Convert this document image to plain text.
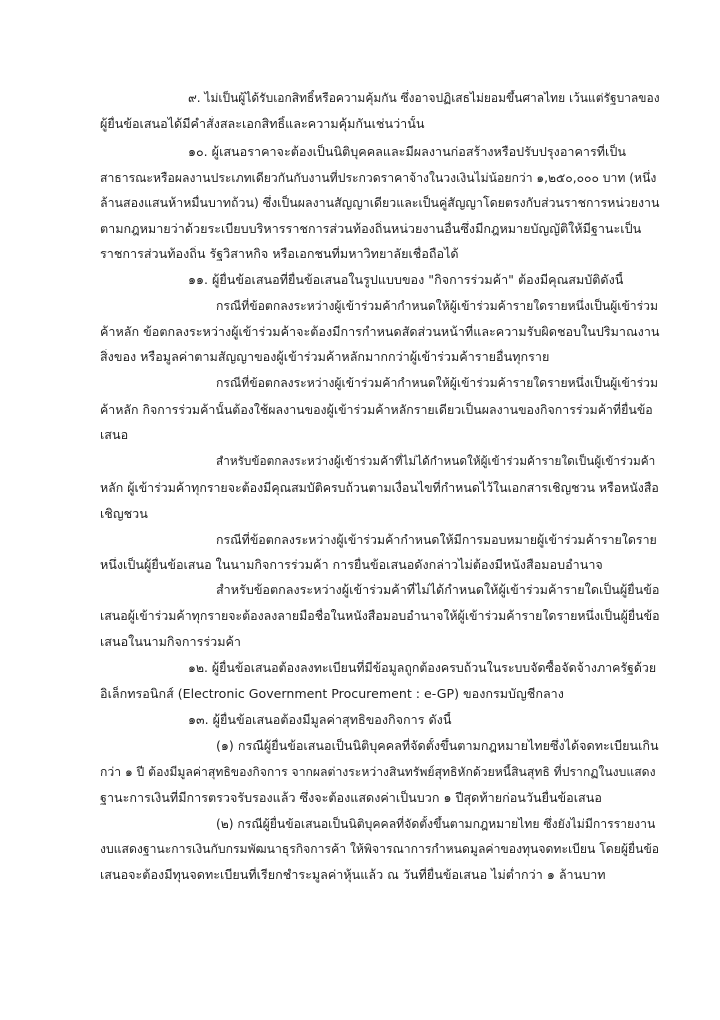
๙. ไม่เป็นผู้ได้รับเอกสิทธิ์หรือความคุ้มกัน ซึ่งอาจปฏิเสธไม่ยอมขึ้นศาลไทย เว้นแต่รัฐบาลของ
ผู้ยื่นข้อเสนอได้มีคำสั่งสละเอกสิทธิ์และความคุ้มกันเช่นว่านั้น
๑๐. ผู้เสนอราคาจะต้องเป็นนิติบุคคลและมีผลงานก่อสร้างหรือปรับปรุงอาคารที่เป็น
สาธารณะหรือผลงานประเภทเดียวกันกับงานที่ประกวดราคาจ้างในวงเงินไม่น้อยกว่า ๑,๒๕๐,๐๐๐ บาท (หนึ่ง
ล้านสองแสนห้าหมื่นบาทถ้วน) ซึ่งเป็นผลงานสัญญาเดียวและเป็นคู่สัญญาโดยตรงกับส่วนราชการหน่วยงาน
ตามกฎหมายว่าด้วยระเบียบบริหารราชการส่วนท้องถิ่นหน่วยงานอื่นซึ่งมีกฎหมายบัญญัติให้มีฐานะเป็น
ราชการส่วนท้องถิ่น รัฐวิสาหกิจ หรือเอกชนที่มหาวิทยาลัยเชื่อถือได้
๑๑. ผู้ยื่นข้อเสนอที่ยื่นข้อเสนอในรูปแบบของ "กิจการร่วมค้า" ต้องมีคุณสมบัติดังนี้
กรณีที่ข้อตกลงระหว่างผู้เข้าร่วมค้ากำหนดให้ผู้เข้าร่วมค้ารายใดรายหนึ่งเป็นผู้เข้าร่วม
ค้าหลัก ข้อตกลงระหว่างผู้เข้าร่วมค้าจะต้องมีการกำหนดสัดส่วนหน้าที่และความรับผิดชอบในปริมาณงาน
สิ่งของ หรือมูลค่าตามสัญญาของผู้เข้าร่วมค้าหลักมากกว่าผู้เข้าร่วมค้ารายอื่นทุกราย
กรณีที่ข้อตกลงระหว่างผู้เข้าร่วมค้ากำหนดให้ผู้เข้าร่วมค้ารายใดรายหนึ่งเป็นผู้เข้าร่วม
ค้าหลัก กิจการร่วมค้านั้นต้องใช้ผลงานของผู้เข้าร่วมค้าหลักรายเดียวเป็นผลงานของกิจการร่วมค้าที่ยื่นข้อ
เสนอ
สำหรับข้อตกลงระหว่างผู้เข้าร่วมค้าที่ไม่ได้กำหนดให้ผู้เข้าร่วมค้ารายใดเป็นผู้เข้าร่วมค้า
หลัก ผู้เข้าร่วมค้าทุกรายจะต้องมีคุณสมบัติครบถ้วนตามเงื่อนไขที่กำหนดไว้ในเอกสารเชิญชวน หรือหนังสือ
เชิญชวน
กรณีที่ข้อตกลงระหว่างผู้เข้าร่วมค้ากำหนดให้มีการมอบหมายผู้เข้าร่วมค้ารายใดราย
หนึ่งเป็นผู้ยื่นข้อเสนอ ในนามกิจการร่วมค้า การยื่นข้อเสนอดังกล่าวไม่ต้องมีหนังสือมอบอำนาจ
สำหรับข้อตกลงระหว่างผู้เข้าร่วมค้าที่ไม่ได้กำหนดให้ผู้เข้าร่วมค้ารายใดเป็นผู้ยื่นข้อ
เสนอผู้เข้าร่วมค้าทุกรายจะต้องลงลายมือชื่อในหนังสือมอบอำนาจให้ผู้เข้าร่วมค้ารายใดรายหนึ่งเป็นผู้ยื่นข้อ
เสนอในนามกิจการร่วมค้า
๑๒. ผู้ยื่นข้อเสนอต้องลงทะเบียนที่มีข้อมูลถูกต้องครบถ้วนในระบบจัดซื้อจัดจ้างภาครัฐด้วย
อิเล็กทรอนิกส์ (Electronic Government Procurement : e-GP) ของกรมบัญชีกลาง
๑๓. ผู้ยื่นข้อเสนอต้องมีมูลค่าสุทธิของกิจการ ดังนี้
(๑) กรณีผู้ยื่นข้อเสนอเป็นนิติบุคคลที่จัดตั้งขึ้นตามกฎหมายไทยซึ่งได้จดทะเบียนเกิน
กว่า ๑ ปี ต้องมีมูลค่าสุทธิของกิจการ จากผลต่างระหว่างสินทรัพย์สุทธิหักด้วยหนี้สินสุทธิ ที่ปรากฏในงบแสดง
ฐานะการเงินที่มีการตรวจรับรองแล้ว ซึ่งจะต้องแสดงค่าเป็นบวก ๑ ปีสุดท้ายก่อนวันยื่นข้อเสนอ
(๒) กรณีผู้ยื่นข้อเสนอเป็นนิติบุคคลที่จัดตั้งขึ้นตามกฎหมายไทย ซึ่งยังไม่มีการรายงาน
งบแสดงฐานะการเงินกับกรมพัฒนาธุรกิจการค้า ให้พิจารณาการกำหนดมูลค่าของทุนจดทะเบียน โดยผู้ยื่นข้อ
เสนอจะต้องมีทุนจดทะเบียนที่เรียกชำระมูลค่าหุ้นแล้ว ณ วันที่ยื่นข้อเสนอ ไม่ต่ำกว่า ๑ ล้านบาท
